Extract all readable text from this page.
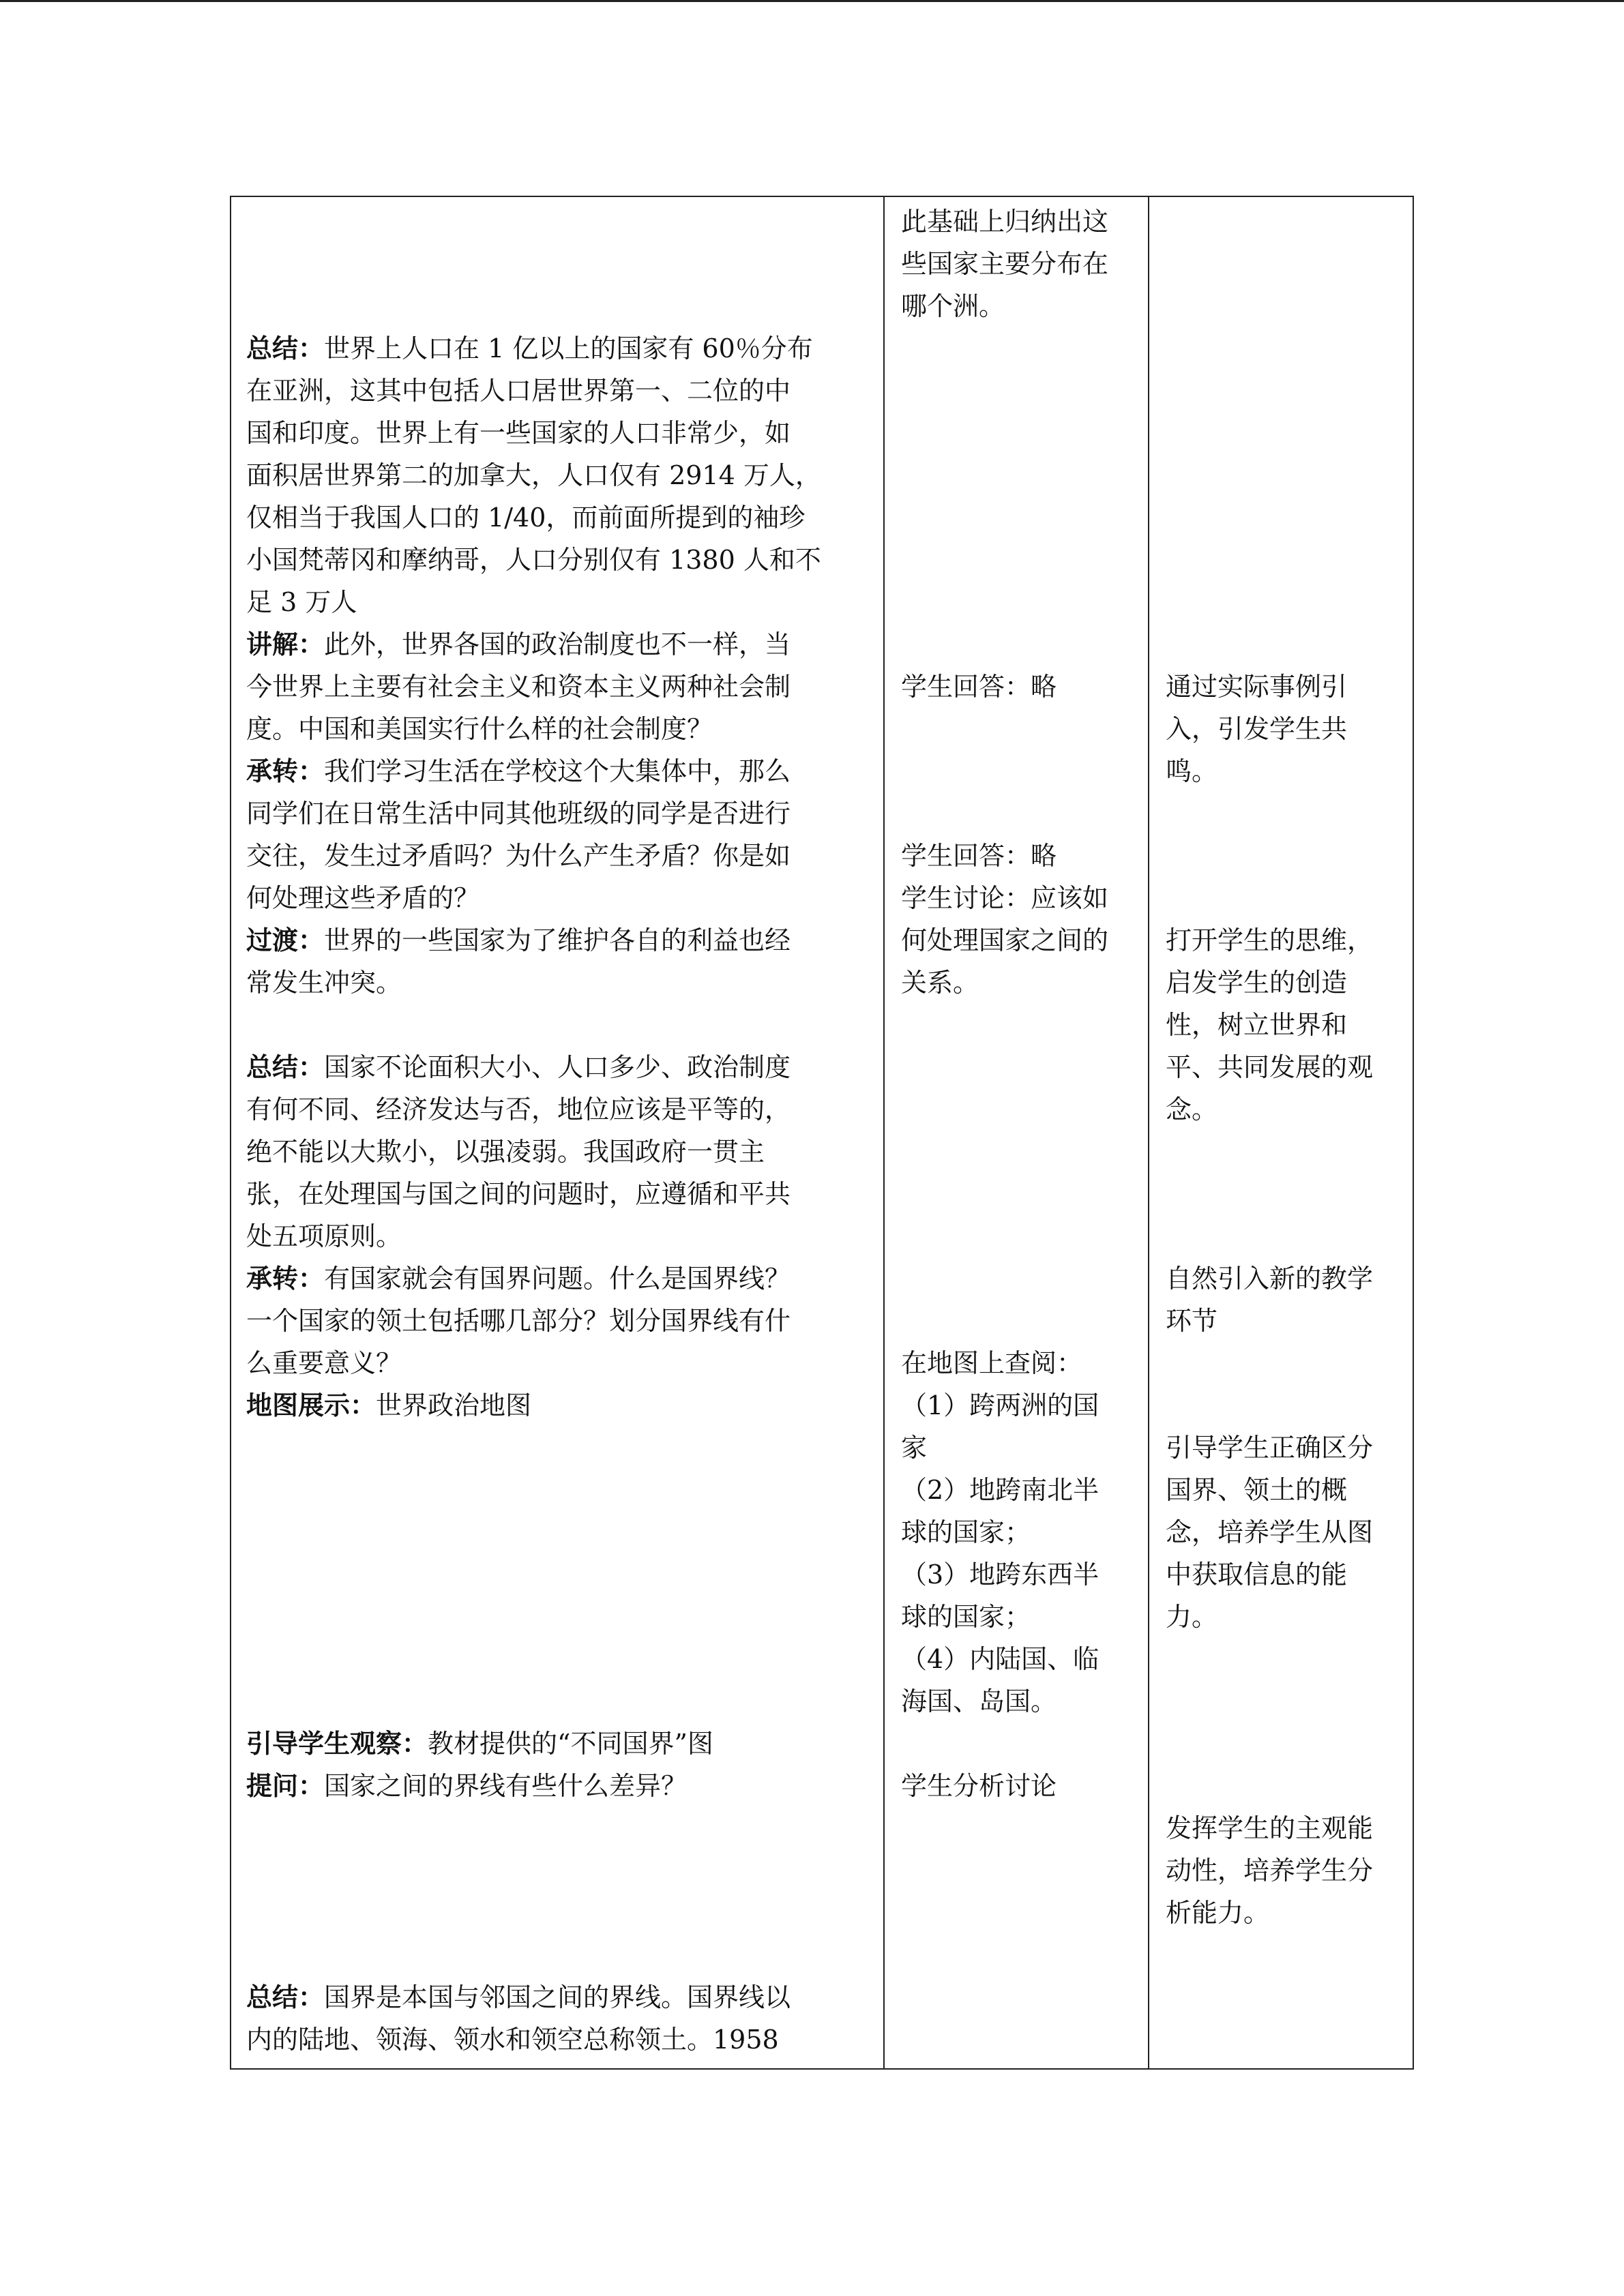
总结：世界上人口在 1 亿以上的国家有 60％分布
在亚洲，这其中包括人口居世界第一、二位的中
国和印度。世界上有一些国家的人口非常少，如
面积居世界第二的加拿大，人口仅有 2914 万人，
仅相当于我国人口的 1/40，而前面所提到的袖珍
小国梵蒂冈和摩纳哥，人口分别仅有 1380 人和不
足 3 万人

讲解：此外，世界各国的政治制度也不一样，当
今世界上主要有社会主义和资本主义两种社会制
度。中国和美国实行什么样的社会制度？

承转：我们学习生活在学校这个大集体中，那么
同学们在日常生活中同其他班级的同学是否进行
交往，发生过矛盾吗？为什么产生矛盾？你是如
何处理这些矛盾的？

过渡：世界的一些国家为了维护各自的利益也经
常发生冲突。

总结：国家不论面积大小、人口多少、政治制度
有何不同、经济发达与否，地位应该是平等的，
绝不能以大欺小，以强凌弱。我国政府一贯主
张，在处理国与国之间的问题时，应遵循和平共
处五项原则。

承转：有国家就会有国界问题。什么是国界线？
一个国家的领土包括哪几部分？划分国界线有什
么重要意义？

地图展示：世界政治地图

引导学生观察：教材提供的“不同国界”图

提问：国家之间的界线有些什么差异？

总结：国界是本国与邻国之间的界线。国界线以
内的陆地、领海、领水和领空总称领土。1958

此基础上归纳出这
些国家主要分布在
哪个洲。

学生回答：略

学生回答：略
学生讨论：应该如
何处理国家之间的
关系。

在地图上查阅：
（1）跨两洲的国
家
（2）地跨南北半
球的国家；
（3）地跨东西半
球的国家；
（4）内陆国、临
海国、岛国。

学生分析讨论

通过实际事例引
入，引发学生共
鸣。

打开学生的思维，
启发学生的创造
性，树立世界和
平、共同发展的观
念。

自然引入新的教学
环节

引导学生正确区分
国界、领土的概
念，培养学生从图
中获取信息的能
力。

发挥学生的主观能
动性，培养学生分
析能力。
